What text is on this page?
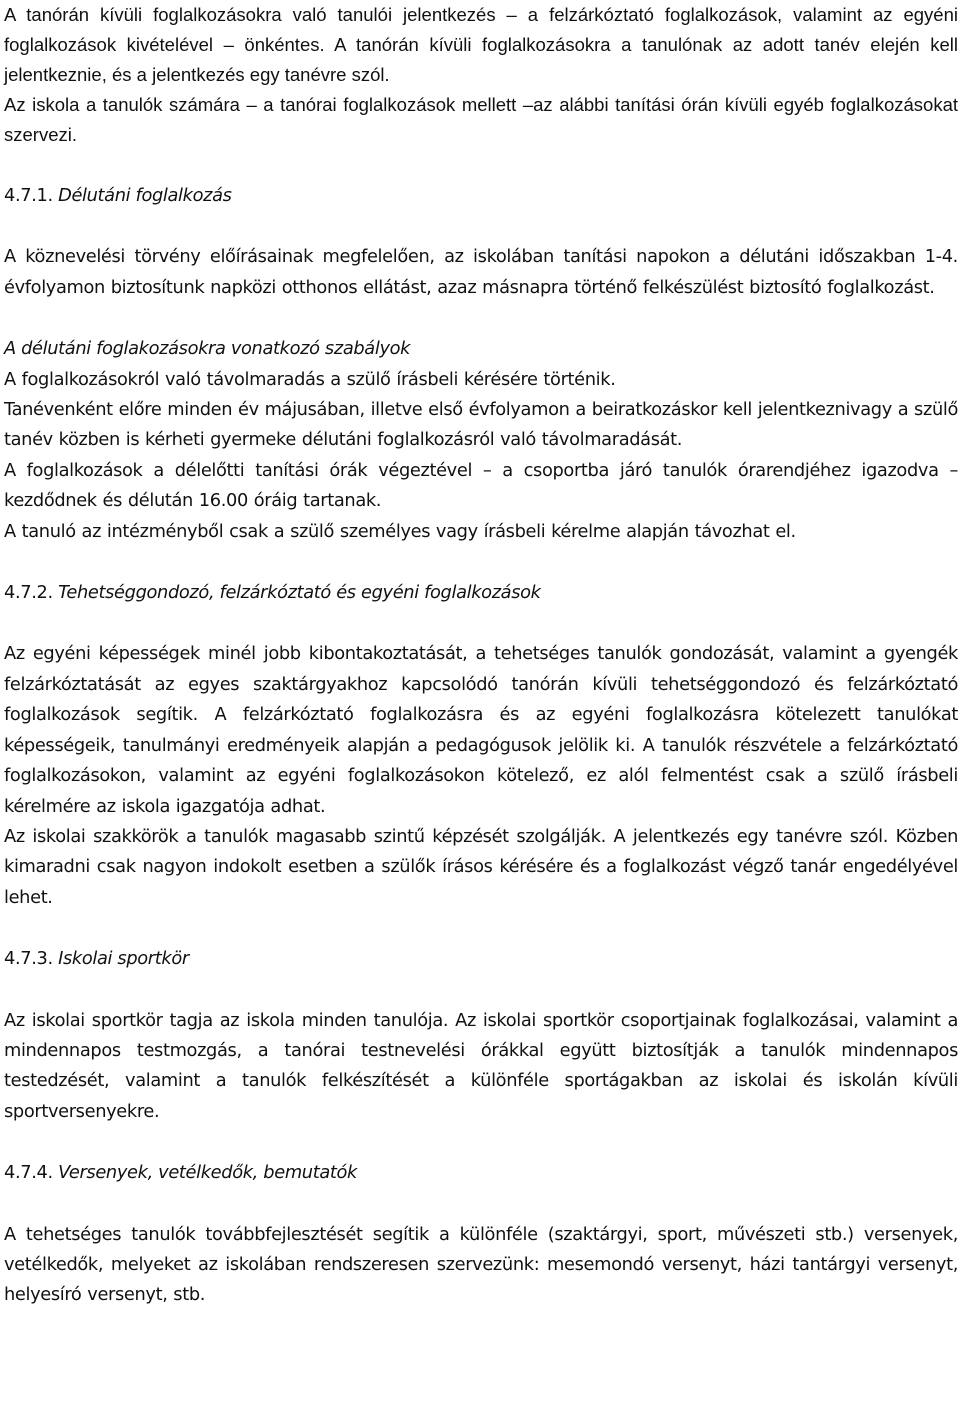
A tanórán kívüli foglalkozásokra való tanulói jelentkezés – a felzárkóztató foglalkozások, valamint az egyéni foglalkozások kivételével – önkéntes. A tanórán kívüli foglalkozásokra a tanulónak az adott tanév elején kell jelentkeznie, és a jelentkezés egy tanévre szól.

Az iskola a tanulók számára – a tanórai foglalkozások mellett –az alábbi tanítási órán kívüli egyéb foglalkozásokat szervezi.

4.7.1. Délutáni foglalkozás

A köznevelési törvény előírásainak megfelelően, az iskolában tanítási napokon a délutáni időszakban 1-4. évfolyamon biztosítunk napközi otthonos ellátást, azaz másnapra történő felkészülést biztosító foglalkozást.

A délutáni foglakozásokra vonatkozó szabályok

A foglalkozásokról való távolmaradás a szülő írásbeli kérésére történik.

Tanévenként előre minden év májusában, illetve első évfolyamon a beiratkozáskor kell jelentkeznivagy a szülő tanév közben is kérheti gyermeke délutáni foglalkozásról való távolmaradását.

A foglalkozások a délelőtti tanítási órák végeztével – a csoportba járó tanulók órarendjéhez igazodva – kezdődnek és délután 16.00 óráig tartanak.

A tanuló az intézményből csak a szülő személyes vagy írásbeli kérelme alapján távozhat el.

4.7.2. Tehetséggondozó, felzárkóztató és egyéni foglalkozások

Az egyéni képességek minél jobb kibontakoztatását, a tehetséges tanulók gondozását, valamint a gyengék felzárkóztatását az egyes szaktárgyakhoz kapcsolódó tanórán kívüli tehetséggondozó és felzárkóztató foglalkozások segítik. A felzárkóztató foglalkozásra és az egyéni foglalkozásra kötelezett tanulókat képességeik, tanulmányi eredményeik alapján a pedagógusok jelölik ki. A tanulók részvétele a felzárkóztató foglalkozásokon, valamint az egyéni foglalkozásokon kötelező, ez alól felmentést csak a szülő írásbeli kérelmére az iskola igazgatója adhat.

Az iskolai szakkörök a tanulók magasabb szintű képzését szolgálják. A jelentkezés egy tanévre szól. Közben kimaradni csak nagyon indokolt esetben a szülők írásos kérésére és a foglalkozást végző tanár engedélyével lehet.

4.7.3. Iskolai sportkör

Az iskolai sportkör tagja az iskola minden tanulója. Az iskolai sportkör csoportjainak foglalkozásai, valamint a mindennapos testmozgás, a tanórai testnevelési órákkal együtt biztosítják a tanulók mindennapos testedzését, valamint a tanulók felkészítését a különféle sportágakban az iskolai és iskolán kívüli sportversenyekre.

4.7.4. Versenyek, vetélkedők, bemutatók

A tehetséges tanulók továbbfejlesztését segítik a különféle (szaktárgyi, sport, művészeti stb.) versenyek, vetélkedők, melyeket az iskolában rendszeresen szervezünk: mesemondó versenyt, házi tantárgyi versenyt, helyesíró versenyt, stb.
